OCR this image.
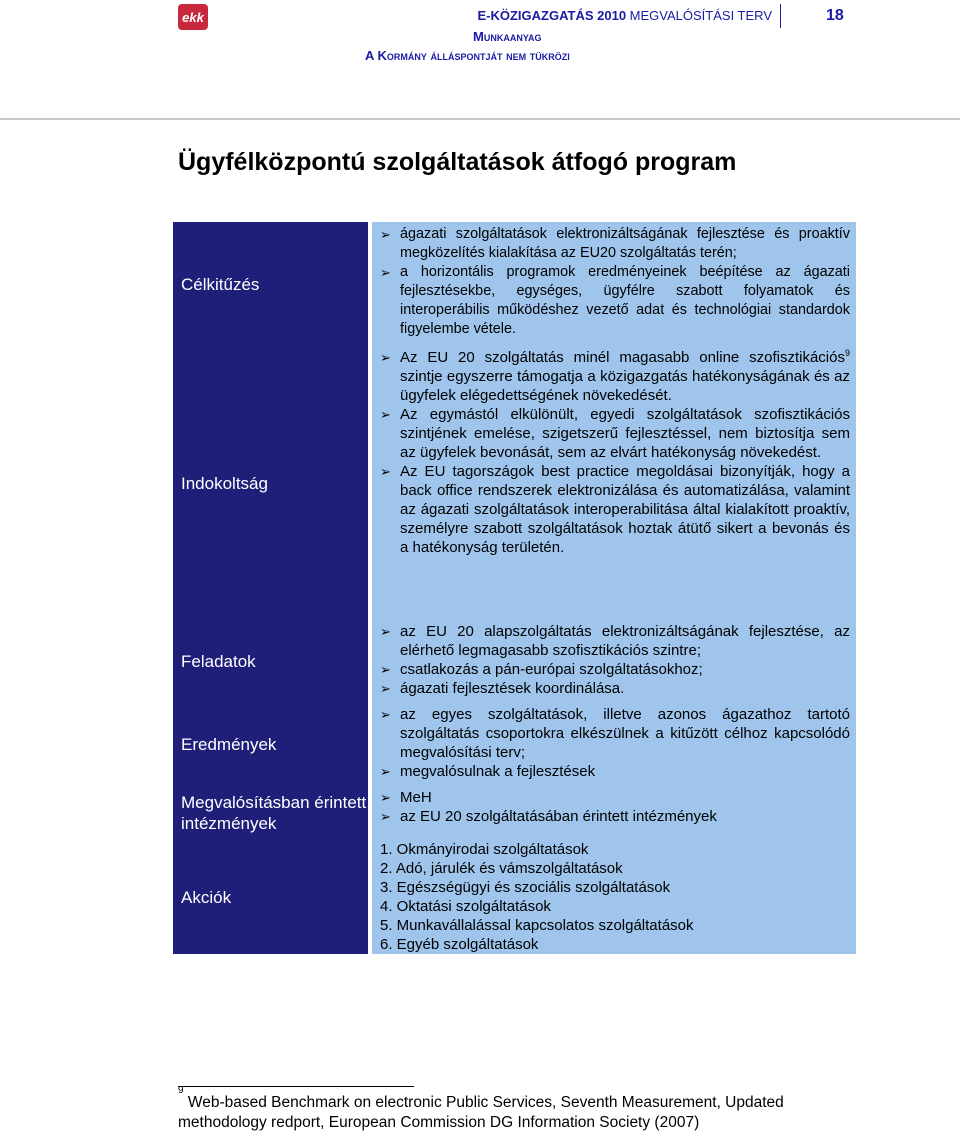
ekk	E-KÖZIGAZGATÁS 2010 MEGVALÓSÍTÁSI TERV	18
Munkaanyag
A Kormány álláspontját nem tükrözi
Ügyfélközpontú szolgáltatások átfogó program
Célkitűzés
➢ ágazati szolgáltatások elektronizáltságának fejlesztése és proaktív megközelítés kialakítása az EU20 szolgáltatás terén;
➢ a horizontális programok eredményeinek beépítése az ágazati fejlesztésekbe, egységes, ügyfélre szabott folyamatok és interoperábilis működéshez vezető adat és technológiai standardok figyelembe vétele.
Indokoltság
➢ Az EU 20 szolgáltatás minél magasabb online szofisztikációs$^9$ szintje egyszerre támogatja a közigazgatás hatékonyságának és az ügyfelek elégedettségének növekedését.
➢ Az egymástól elkülönült, egyedi szolgáltatások szofisztikációs szintjének emelése, szigetszerű fejlesztéssel, nem biztosítja sem az ügyfelek bevonását, sem az elvárt hatékonyság növekedést.
➢ Az EU tagországok best practice megoldásai bizonyítják, hogy a back office rendszerek elektronizálása és automatizálása, valamint az ágazati szolgáltatások interoperabilitása által kialakított proaktív, személyre szabott szolgáltatások hoztak átütő sikert a bevonás és a hatékonyság területén.
Feladatok
➢ az EU 20 alapszolgáltatás elektronizáltságának fejlesztése, az elérhető legmagasabb szofisztikációs szintre;
➢ csatlakozás a pán-európai szolgáltatásokhoz;
➢ ágazati fejlesztések koordinálása.
Eredmények
➢ az egyes szolgáltatások, illetve azonos ágazathoz tartotó szolgáltatás csoportokra elkészülnek a kitűzött célhoz kapcsolódó megvalósítási terv;
➢ megvalósulnak a fejlesztések
Megvalósításban érintett intézmények
➢ MeH
➢ az EU 20 szolgáltatásában érintett intézmények
Akciók
1. Okmányirodai szolgáltatások
2. Adó, járulék és vámszolgáltatások
3. Egészségügyi és szociális szolgáltatások
4. Oktatási szolgáltatások
5. Munkavállalással kapcsolatos szolgáltatások
6. Egyéb szolgáltatások
$^9$ Web-based Benchmark on electronic Public Services, Seventh Measurement, Updated methodology redport, European Commission DG Information Society (2007)
